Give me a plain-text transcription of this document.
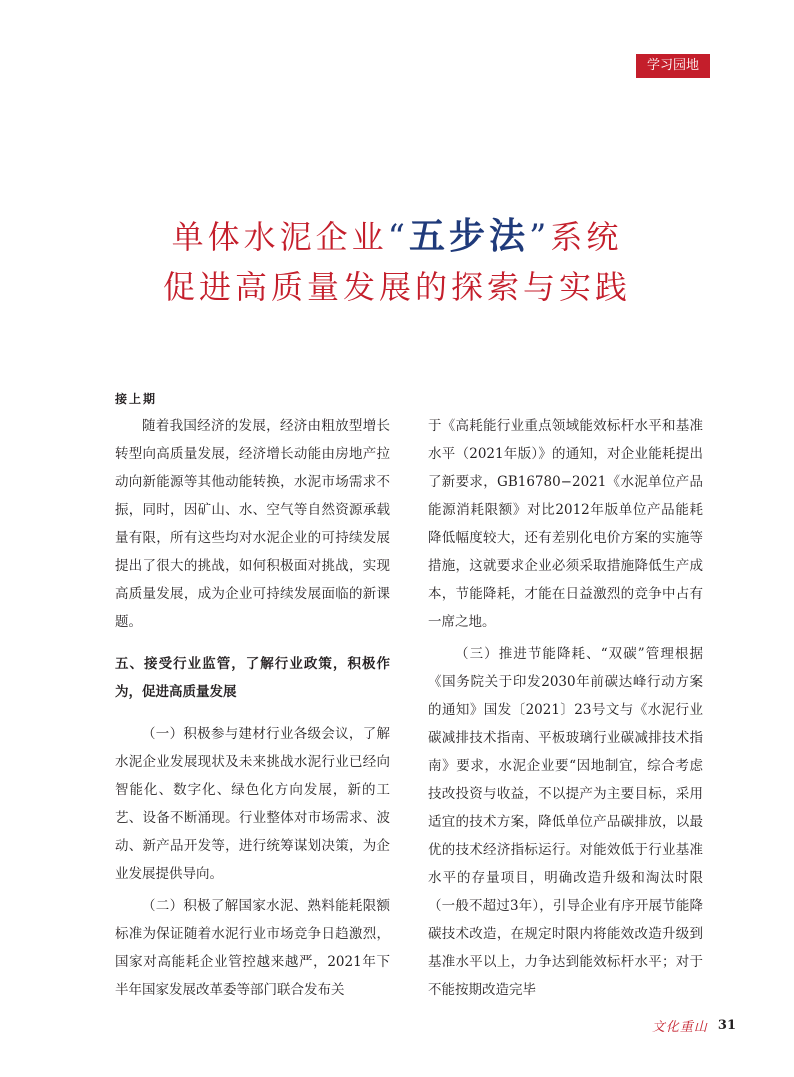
学习园地
单体水泥企业“五步法”系统
促进高质量发展的探索与实践
接上期

随着我国经济的发展，经济由粗放型增长转型向高质量发展，经济增长动能由房地产拉动向新能源等其他动能转换，水泥市场需求不振，同时，因矿山、水、空气等自然资源承载量有限，所有这些均对水泥企业的可持续发展提出了很大的挑战，如何积极面对挑战，实现高质量发展，成为企业可持续发展面临的新课题。

五、接受行业监管，了解行业政策，积极作为，促进高质量发展

（一）积极参与建材行业各级会议，了解水泥企业发展现状及未来挑战水泥行业已经向智能化、数字化、绿色化方向发展，新的工艺、设备不断涌现。行业整体对市场需求、波动、新产品开发等，进行统筹谋划决策，为企业发展提供导向。

（二）积极了解国家水泥、熟料能耗限额标准为保证随着水泥行业市场竞争日趋激烈，国家对高能耗企业管控越来越严，2021年下半年国家发展改革委等部门联合发布关

于《高耗能行业重点领域能效标杆水平和基准水平（2021年版）》的通知，对企业能耗提出了新要求，GB16780−2021《水泥单位产品能源消耗限额》对比2012年版单位产品能耗降低幅度较大，还有差别化电价方案的实施等措施，这就要求企业必须采取措施降低生产成本，节能降耗，才能在日益激烈的竞争中占有一席之地。

（三）推进节能降耗、“双碳”管理根据《国务院关于印发2030年前碳达峰行动方案的通知》国发〔2021〕23号文与《水泥行业碳减排技术指南、平板玻璃行业碳减排技术指南》要求，水泥企业要“因地制宜，综合考虑技改投资与收益，不以提产为主要目标，采用适宜的技术方案，降低单位产品碳排放，以最优的技术经济指标运行。对能效低于行业基准水平的存量项目，明确改造升级和淘汰时限（一般不超过3年），引导企业有序开展节能降碳技术改造，在规定时限内将能效改造升级到基准水平以上，力争达到能效标杆水平；对于不能按期改造完毕

文化重山 31
